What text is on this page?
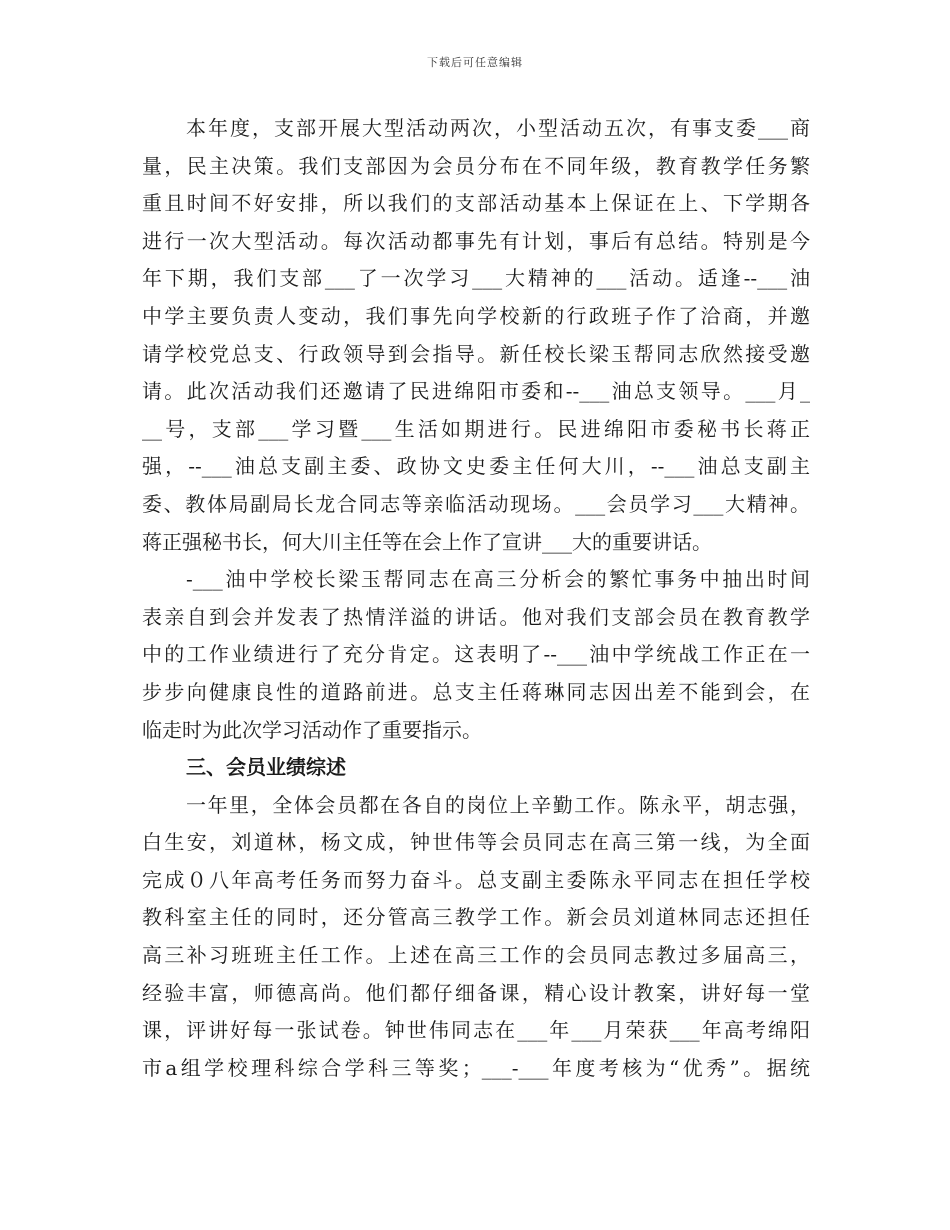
下载后可任意编辑
本年度，支部开展大型活动两次，小型活动五次，有事支委___商
量，民主决策。我们支部因为会员分布在不同年级，教育教学任务繁
重且时间不好安排，所以我们的支部活动基本上保证在上、下学期各
进行一次大型活动。每次活动都事先有计划，事后有总结。特别是今
年下期，我们支部___了一次学习___大精神的___活动。适逢--___油
中学主要负责人变动，我们事先向学校新的行政班子作了洽商，并邀
请学校党总支、行政领导到会指导。新任校长梁玉帮同志欣然接受邀
请。此次活动我们还邀请了民进绵阳市委和--___油总支领导。___月_
__号，支部___学习暨___生活如期进行。民进绵阳市委秘书长蒋正
强，--___油总支副主委、政协文史委主任何大川，--___油总支副主
委、教体局副局长龙合同志等亲临活动现场。___会员学习___大精神。
蒋正强秘书长，何大川主任等在会上作了宣讲___大的重要讲话。
-___油中学校长梁玉帮同志在高三分析会的繁忙事务中抽出时间
表亲自到会并发表了热情洋溢的讲话。他对我们支部会员在教育教学
中的工作业绩进行了充分肯定。这表明了--___油中学统战工作正在一
步步向健康良性的道路前进。总支主任蒋琳同志因出差不能到会，在
临走时为此次学习活动作了重要指示。
三、会员业绩综述
一年里，全体会员都在各自的岗位上辛勤工作。陈永平，胡志强，
白生安，刘道林，杨文成，钟世伟等会员同志在高三第一线，为全面
完成０八年高考任务而努力奋斗。总支副主委陈永平同志在担任学校
教科室主任的同时，还分管高三教学工作。新会员刘道林同志还担任
高三补习班班主任工作。上述在高三工作的会员同志教过多届高三，
经验丰富，师德高尚。他们都仔细备课，精心设计教案，讲好每一堂
课，评讲好每一张试卷。钟世伟同志在___年___月荣获___年高考绵阳
市a组学校理科综合学科三等奖；___-___年度考核为“优秀”。据统
